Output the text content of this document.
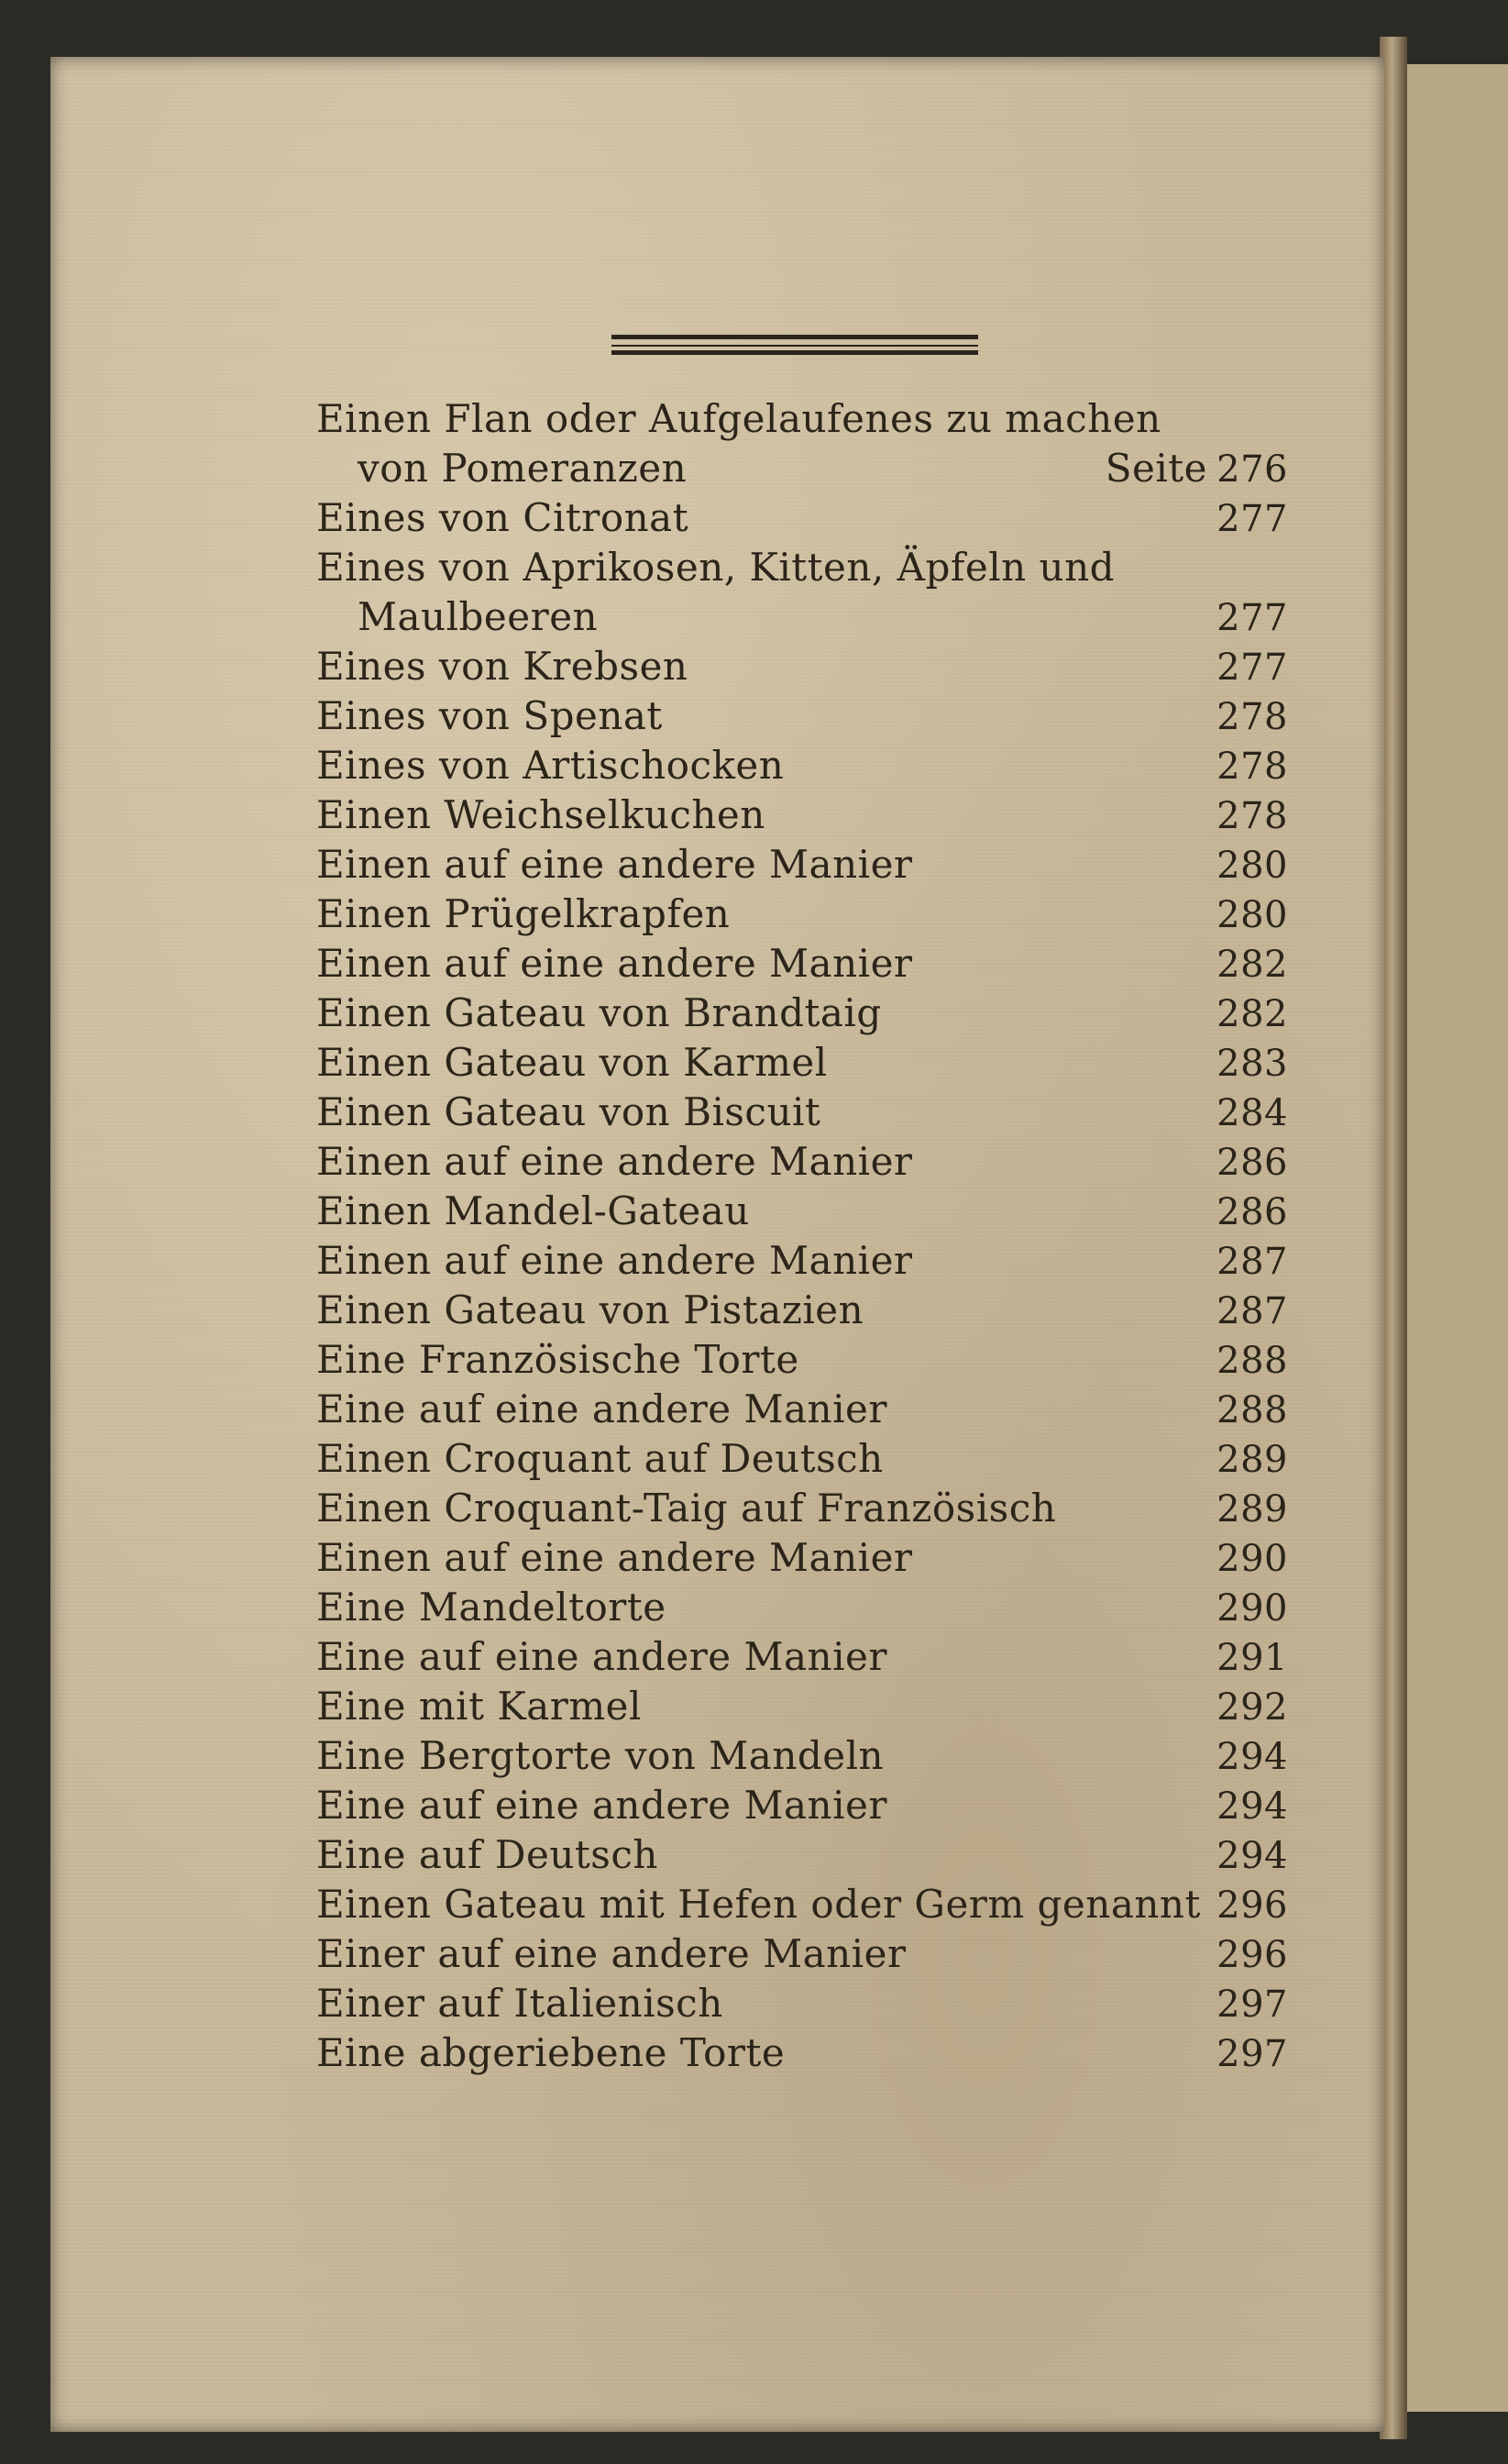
Einen Flan oder Aufgelaufenes zu machen
von Pomeranzen	Seite 276
Eines von Citronat	277
Eines von Aprikosen, Kitten, Äpfeln und
Maulbeeren	277
Eines von Krebsen	277
Eines von Spenat	278
Eines von Artischocken	278
Einen Weichselkuchen	278
Einen auf eine andere Manier	280
Einen Prügelkrapfen	280
Einen auf eine andere Manier	282
Einen Gateau von Brandtaig	282
Einen Gateau von Karmel	283
Einen Gateau von Biscuit	284
Einen auf eine andere Manier	286
Einen Mandel-Gateau	286
Einen auf eine andere Manier	287
Einen Gateau von Pistazien	287
Eine Französische Torte	288
Eine auf eine andere Manier	288
Einen Croquant auf Deutsch	289
Einen Croquant-Taig auf Französisch	289
Einen auf eine andere Manier	290
Eine Mandeltorte	290
Eine auf eine andere Manier	291
Eine mit Karmel	292
Eine Bergtorte von Mandeln	294
Eine auf eine andere Manier	294
Eine auf Deutsch	294
Einen Gateau mit Hefen oder Germ genannt 296
Einer auf eine andere Manier	296
Einer auf Italienisch	297
Eine abgeriebene Torte	297
